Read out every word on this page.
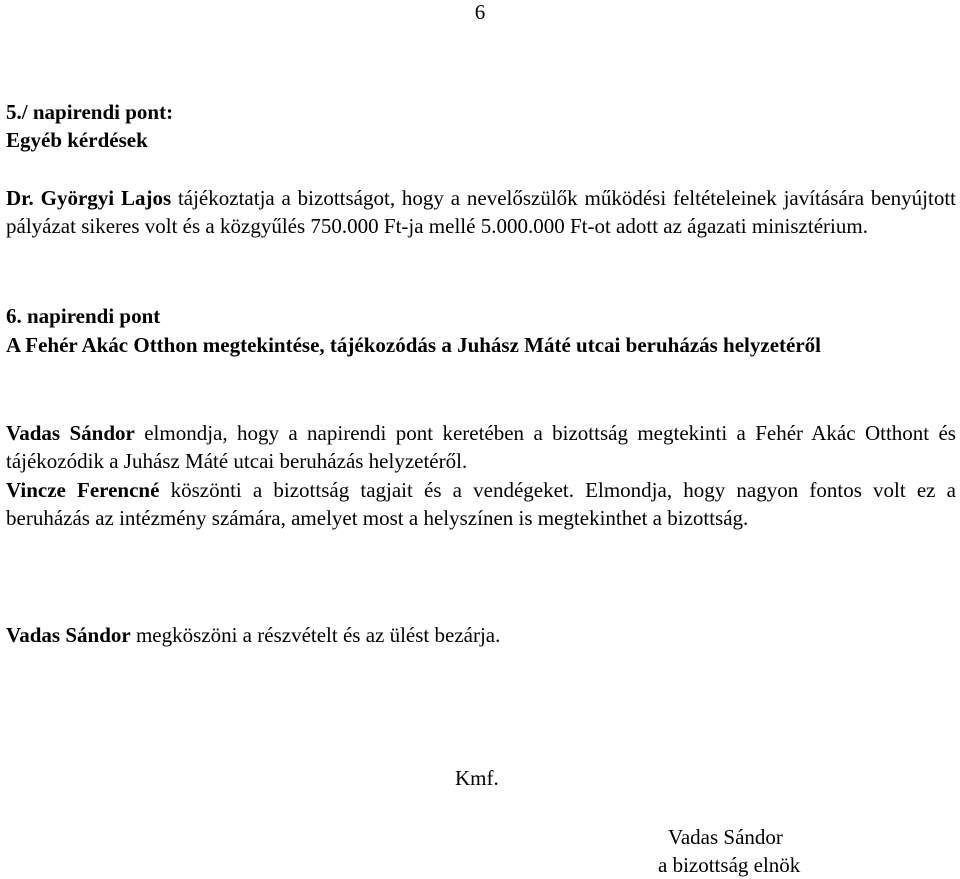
6
5./ napirendi pont:
Egyéb kérdések

Dr. Györgyi Lajos tájékoztatja a bizottságot, hogy a nevelőszülők működési feltételeinek javítására benyújtott pályázat sikeres volt és a közgyűlés 750.000 Ft-ja mellé 5.000.000 Ft-ot adott az ágazati minisztérium.

6. napirendi pont

A Fehér Akác Otthon megtekintése, tájékozódás a Juhász Máté utcai beruházás helyzetéről

Vadas Sándor elmondja, hogy a napirendi pont keretében a bizottság megtekinti a Fehér Akác Otthont és tájékozódik a Juhász Máté utcai beruházás helyzetéről.

Vincze Ferencné köszönti a bizottság tagjait és a vendégeket. Elmondja, hogy nagyon fontos volt ez a beruházás az intézmény számára, amelyet most a helyszínen is megtekinthet a bizottság.

Vadas Sándor megköszöni a részvételt és az ülést bezárja.

Kmf.
Vadas Sándor
a bizottság elnök
